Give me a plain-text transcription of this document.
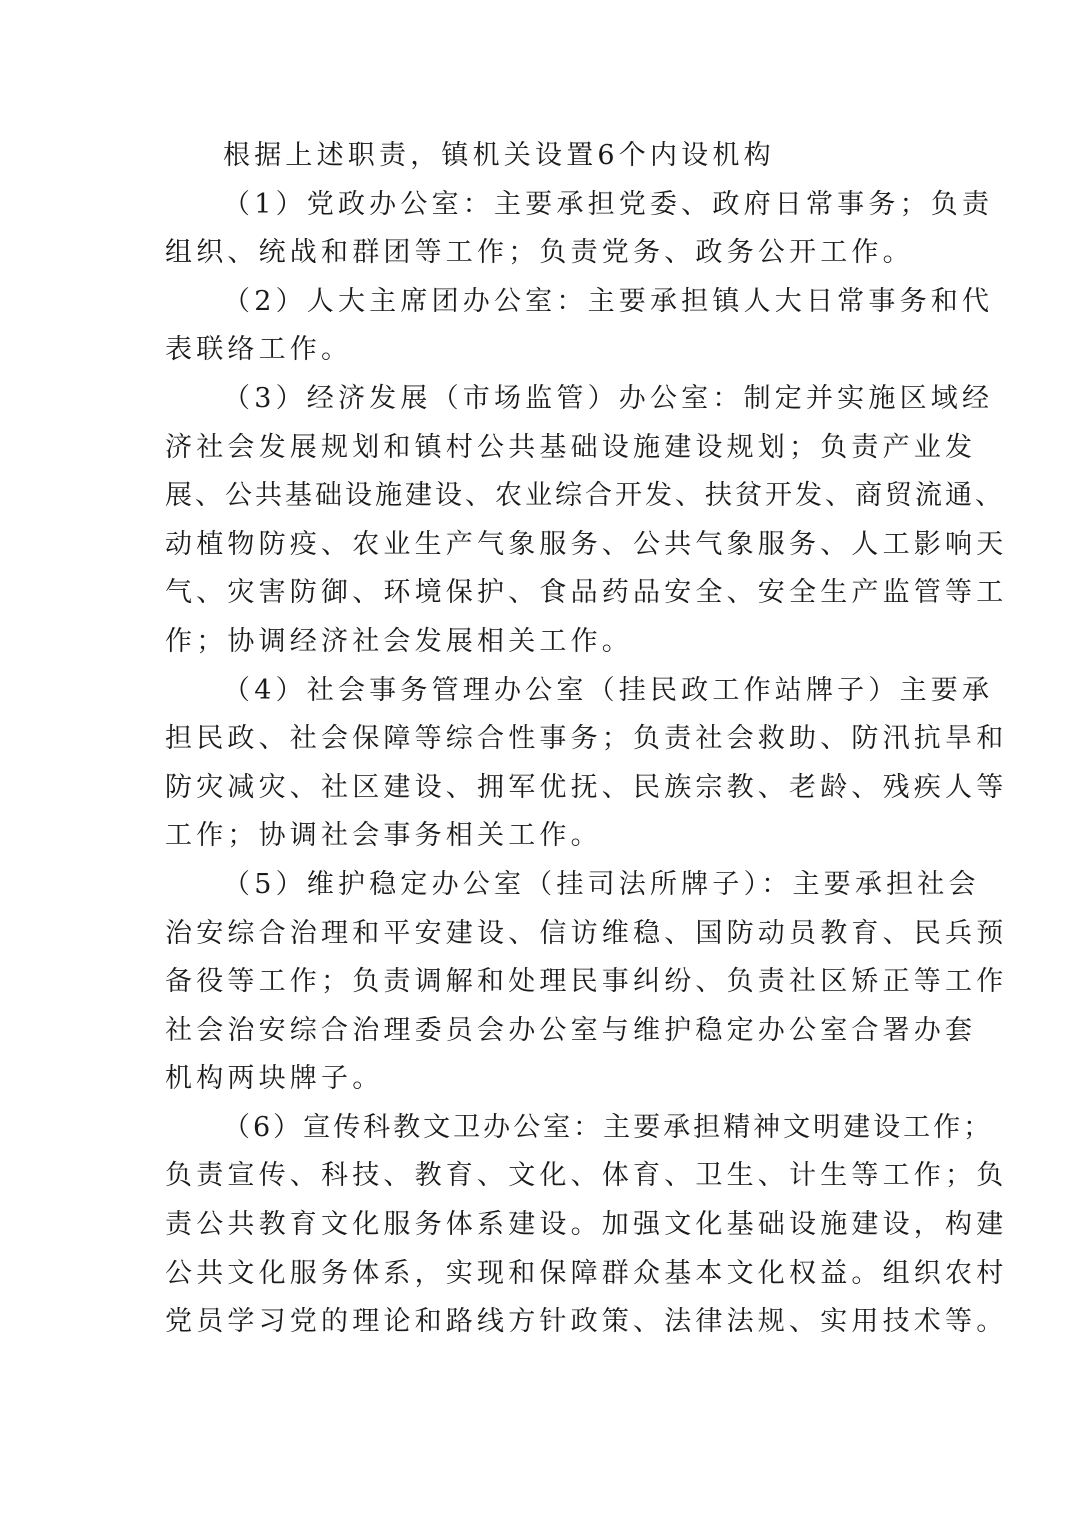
根据上述职责，镇机关设置6个内设机构
（1）党政办公室：主要承担党委、政府日常事务；负责
组织、统战和群团等工作；负责党务、政务公开工作。
（2）人大主席团办公室：主要承担镇人大日常事务和代
表联络工作。
（3）经济发展（市场监管）办公室：制定并实施区域经
济社会发展规划和镇村公共基础设施建设规划；负责产业发
展、公共基础设施建设、农业综合开发、扶贫开发、商贸流通、
动植物防疫、农业生产气象服务、公共气象服务、人工影响天
气、灾害防御、环境保护、食品药品安全、安全生产监管等工
作；协调经济社会发展相关工作。
（4）社会事务管理办公室（挂民政工作站牌子）主要承
担民政、社会保障等综合性事务；负责社会救助、防汛抗旱和
防灾减灾、社区建设、拥军优抚、民族宗教、老龄、残疾人等
工作；协调社会事务相关工作。
（5）维护稳定办公室（挂司法所牌子）：主要承担社会
治安综合治理和平安建设、信访维稳、国防动员教育、民兵预
备役等工作；负责调解和处理民事纠纷、负责社区矫正等工作
社会治安综合治理委员会办公室与维护稳定办公室合署办套
机构两块牌子。
（6）宣传科教文卫办公室：主要承担精神文明建设工作；
负责宣传、科技、教育、文化、体育、卫生、计生等工作；负
责公共教育文化服务体系建设。加强文化基础设施建设，构建
公共文化服务体系，实现和保障群众基本文化权益。组织农村
党员学习党的理论和路线方针政策、法律法规、实用技术等。
